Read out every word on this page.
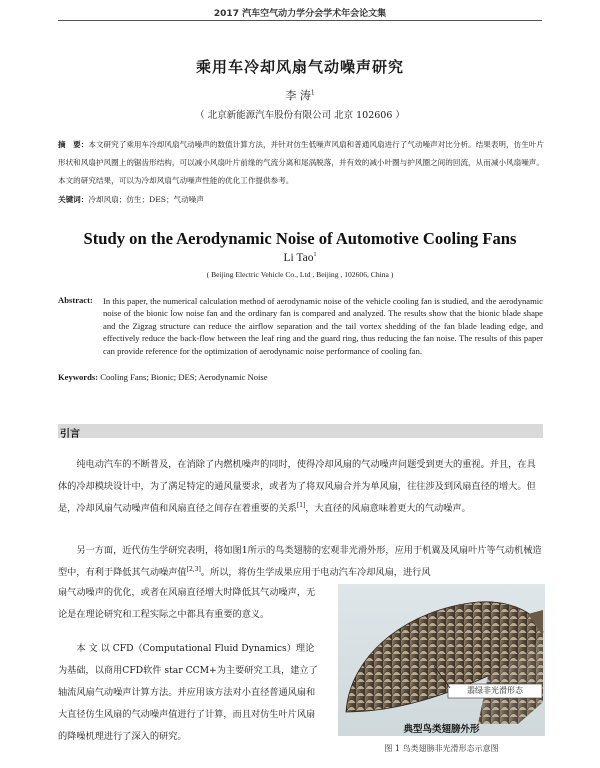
2017 汽车空气动力学分会学术年会论文集
乘用车冷却风扇气动噪声研究
李 涛$^1$
（ 北京新能源汽车股份有限公司 北京 102606 ）
摘　要：本文研究了乘用车冷却风扇气动噪声的数值计算方法，并针对仿生低噪声风扇和普通风扇进行了气动噪声对比分析。结果表明，仿生叶片形状和风扇护风圈上的锯齿形结构，可以减小风扇叶片前缘的气流分离和尾涡脱落，并有效的减小叶圈与护风圈之间的回流，从而减小风扇噪声。本文的研究结果，可以为冷却风扇气动噪声性能的优化工作提供参考。
关键词：冷却风扇；仿生；DES；气动噪声
Study on the Aerodynamic Noise of Automotive Cooling Fans
Li Tao$^1$
( Beijing Electric Vehicle Co., Ltd , Beijing , 102606, China )
Abstract: In this paper, the numerical calculation method of aerodynamic noise of the vehicle cooling fan is studied, and the aerodynamic noise of the bionic low noise fan and the ordinary fan is compared and analyzed. The results show that the bionic blade shape and the Zigzag structure can reduce the airflow separation and the tail vortex shedding of the fan blade leading edge, and effectively reduce the back-flow between the leaf ring and the guard ring, thus reducing the fan noise. The results of this paper can provide reference for the optimization of aerodynamic noise performance of cooling fan.
Keywords: Cooling Fans; Bionic; DES; Aerodynamic Noise
引言
　　纯电动汽车的不断普及，在消除了内燃机噪声的同时，使得冷却风扇的气动噪声问题受到更大的重视。并且，在具体的冷却模块设计中，为了满足特定的通风量要求，或者为了将双风扇合并为单风扇，往往涉及到风扇直径的增大。但是，冷却风扇气动噪声值和风扇直径之间存在着重要的关系[1]，大直径的风扇意味着更大的气动噪声。
　　另一方面，近代仿生学研究表明，将如图1所示的鸟类翅膀的宏观非光滑外形，应用于机翼及风扇叶片等气动机械造型中，有利于降低其气动噪声值[2,3]。所以，将仿生学成果应用于电动汽车冷却风扇，进行风
扇气动噪声的优化，或者在风扇直径增大时降低其气动噪声，无论是在理论研究和工程实际之中都具有重要的意义。
　　本 文 以 CFD（Computational Fluid Dynamics）理论为基础，以商用CFD软件 star CCM+为主要研究工具，建立了轴流风扇气动噪声计算方法。并应用该方法对小直径普通风扇和大直径仿生风扇的气动噪声值进行了计算，而且对仿生叶片风扇的降噪机理进行了深入的研究。
翡绿非光滑形态
典型鸟类翅膀外形
图 1 鸟类翅膀非光滑形态示意图
